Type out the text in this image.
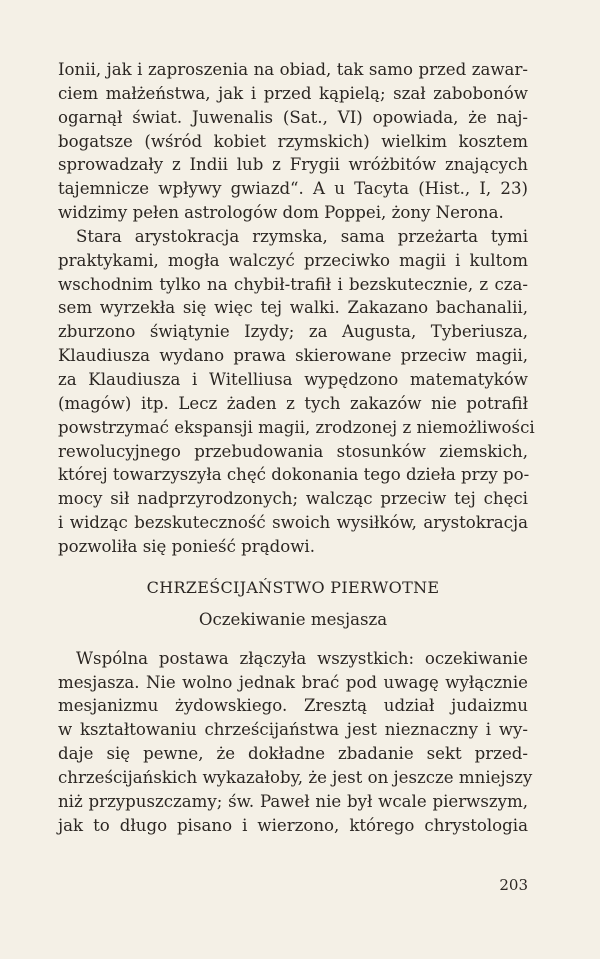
Ionii, jak i zaproszenia na obiad, tak samo przed zawar-
ciem małżeństwa, jak i przed kąpielą; szał zabobonów
ogarnął świat. Juwenalis (Sat., VI) opowiada, że naj-
bogatsze (wśród kobiet rzymskich) wielkim kosztem
sprowadzały z Indii lub z Frygii wróżbitów znających
tajemnicze wpływy gwiazd“. A u Tacyta (Hist., I, 23)
widzimy pełen astrologów dom Poppei, żony Nerona.
Stara arystokracja rzymska, sama przeżarta tymi
praktykami, mogła walczyć przeciwko magii i kultom
wschodnim tylko na chybił-trafił i bezskutecznie, z cza-
sem wyrzekła się więc tej walki. Zakazano bachanalii,
zburzono świątynie Izydy; za Augusta, Tyberiusza,
Klaudiusza wydano prawa skierowane przeciw magii,
za Klaudiusza i Witelliusa wypędzono matematyków
(magów) itp. Lecz żaden z tych zakazów nie potrafił
powstrzymać ekspansji magii, zrodzonej z niemożliwości
rewolucyjnego przebudowania stosunków ziemskich,
której towarzyszyła chęć dokonania tego dzieła przy po-
mocy sił nadprzyrodzonych; walcząc przeciw tej chęci
i widząc bezskuteczność swoich wysiłków, arystokracja
pozwoliła się ponieść prądowi.
CHRZEŚCIJAŃSTWO PIERWOTNE
Oczekiwanie mesjasza
Wspólna postawa złączyła wszystkich: oczekiwanie
mesjasza. Nie wolno jednak brać pod uwagę wyłącznie
mesjanizmu żydowskiego. Zresztą udział judaizmu
w kształtowaniu chrześcijaństwa jest nieznaczny i wy-
daje się pewne, że dokładne zbadanie sekt przed-
chrześcijańskich wykazałoby, że jest on jeszcze mniejszy
niż przypuszczamy; św. Paweł nie był wcale pierwszym,
jak to długo pisano i wierzono, którego chrystologia
203
